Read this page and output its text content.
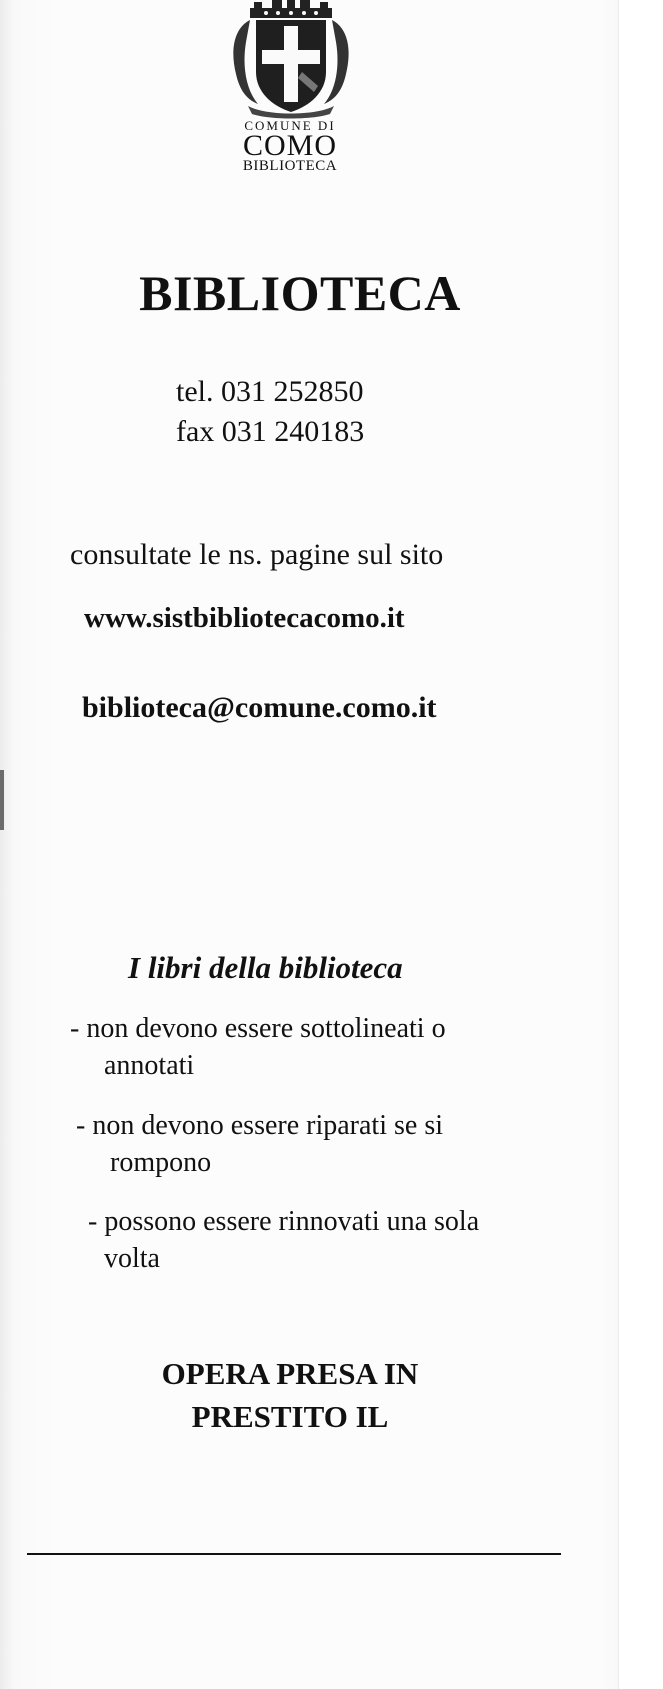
COMUNE DI
COMO
BIBLIOTECA
BIBLIOTECA
tel. 031 252850
fax 031 240183
consultate le ns. pagine sul sito
www.sistbibliotecacomo.it
biblioteca@comune.como.it
I libri della biblioteca
- non devono essere sottolineati o
annotati
- non devono essere riparati se si
rompono
- possono essere rinnovati una sola
volta
OPERA PRESA IN
PRESTITO IL
